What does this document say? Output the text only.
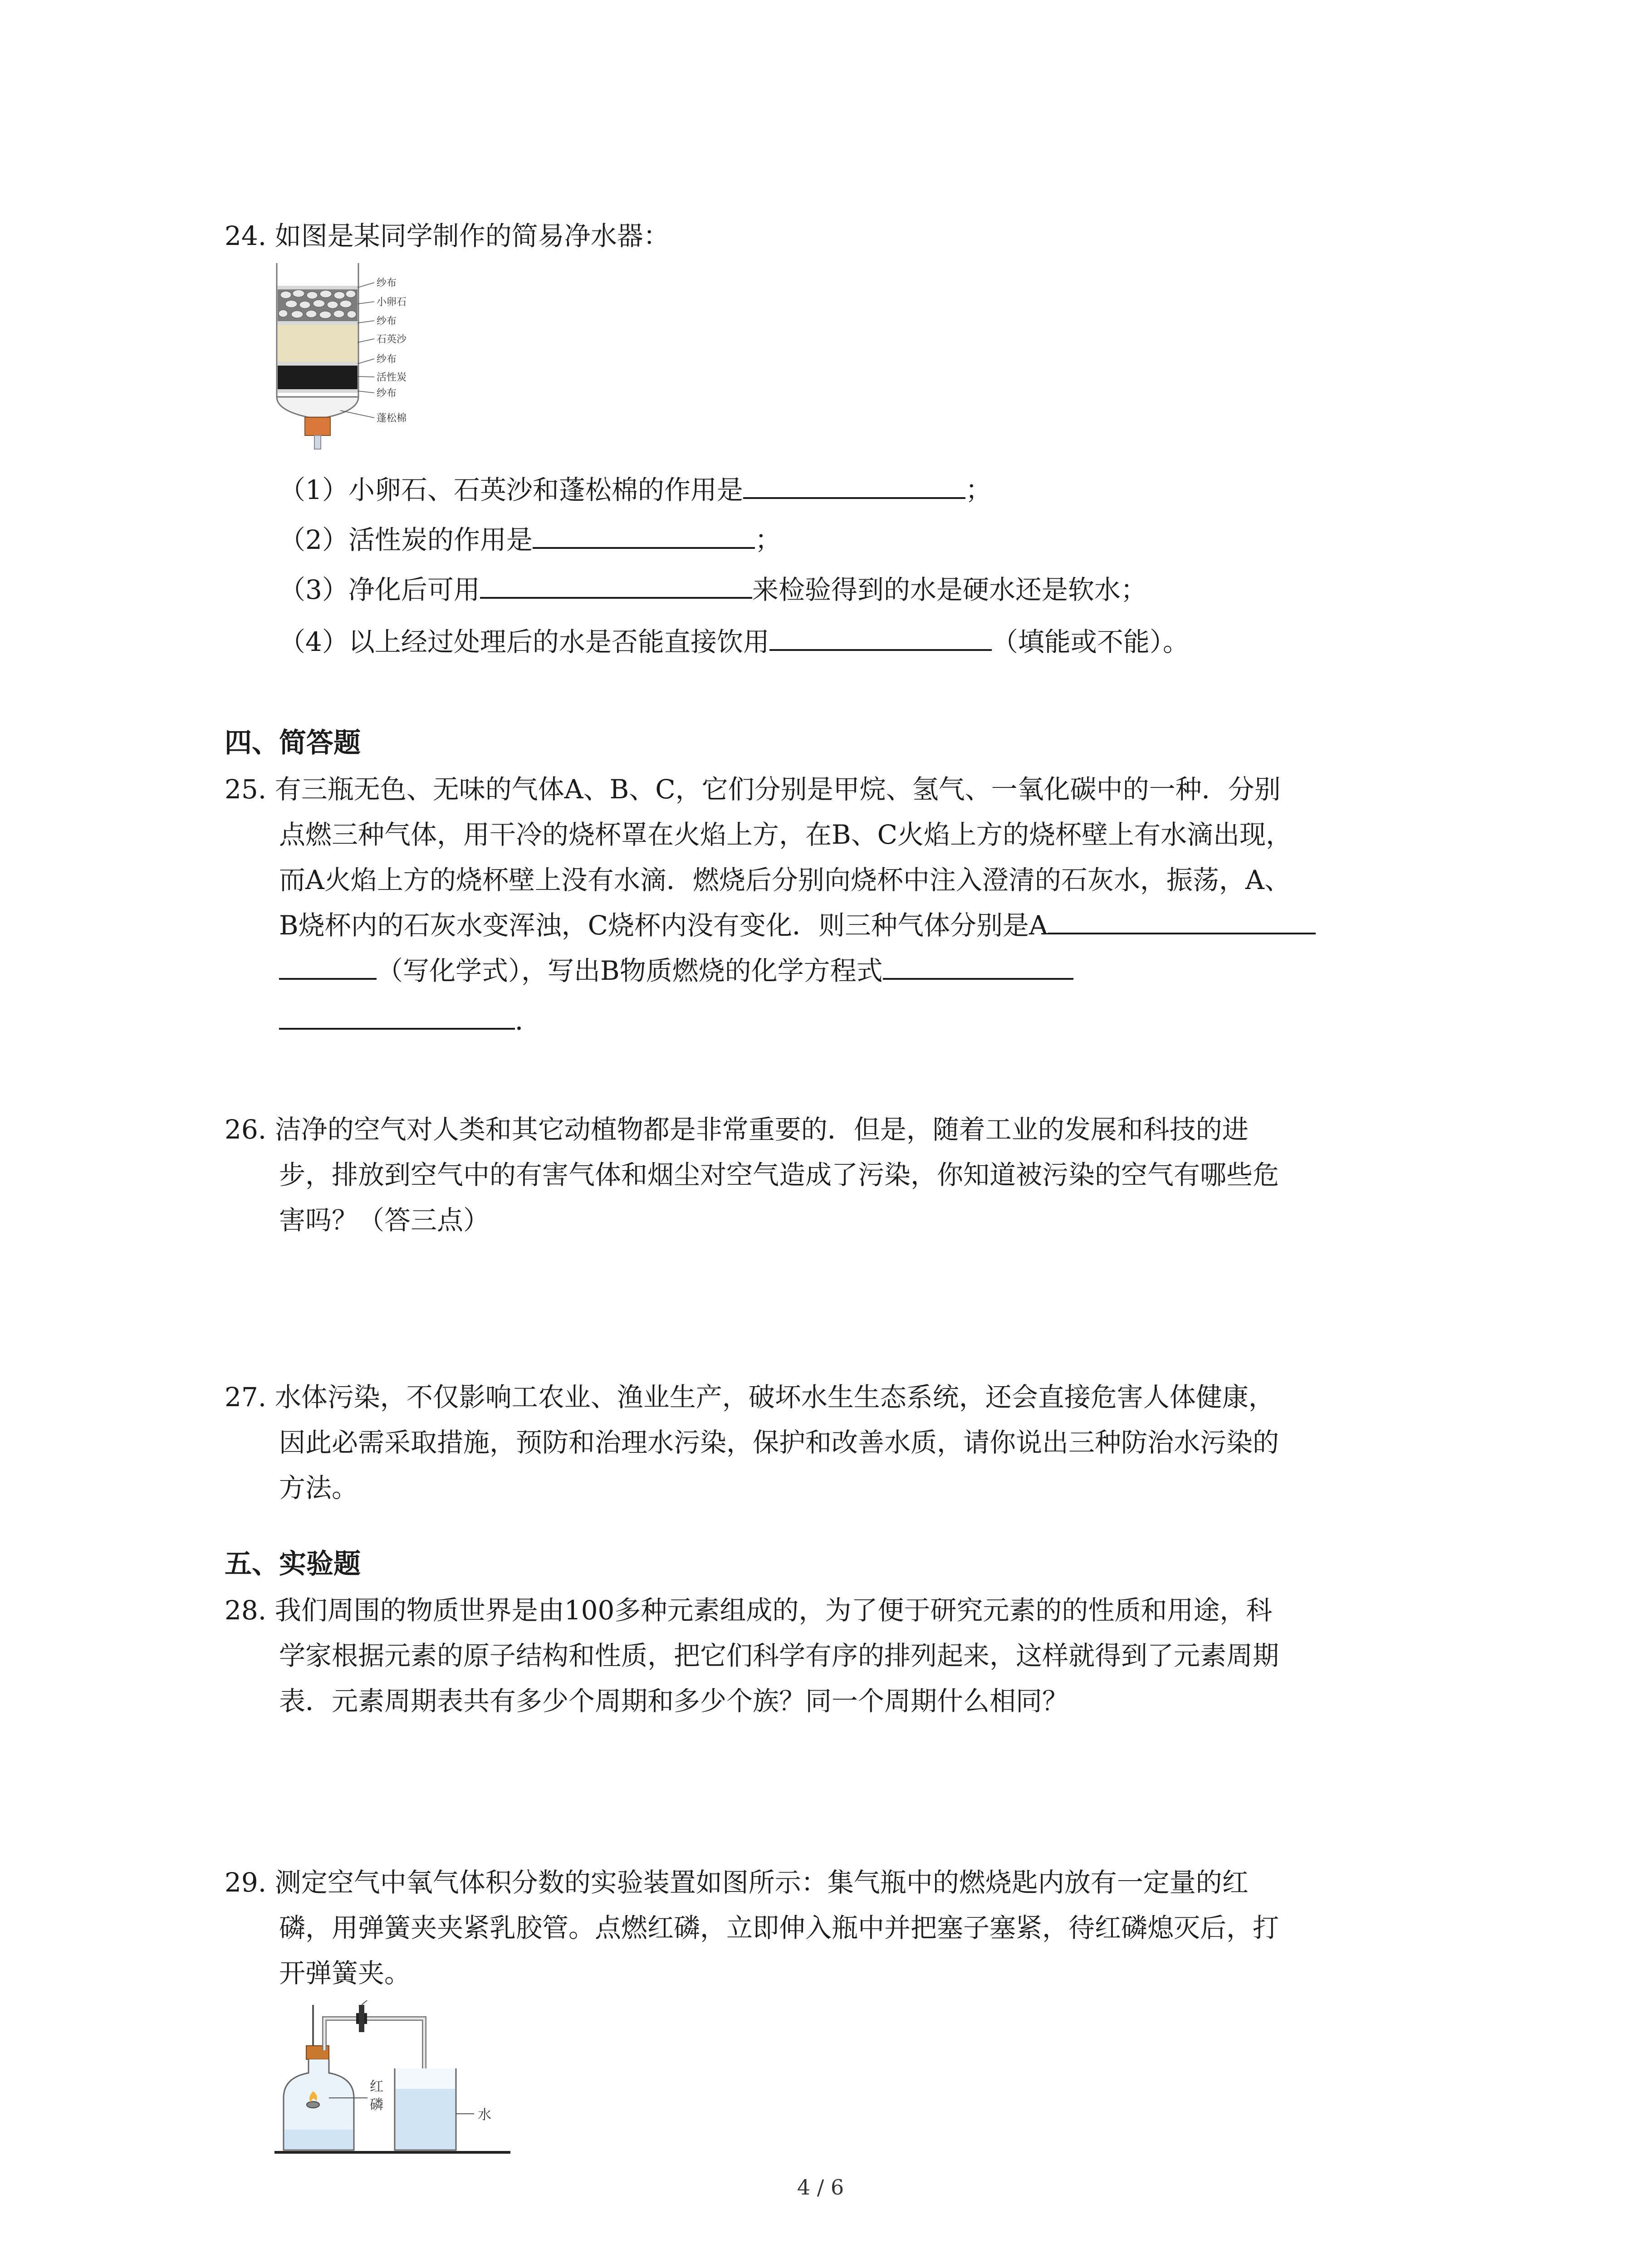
24. 如图是某同学制作的简易净水器：
纱布
小卵石
纱布
石英沙
纱布
活性炭
纱布
蓬松棉
（1）小卵石、石英沙和蓬松棉的作用是	；
（2）活性炭的作用是	；
（3）净化后可用	来检验得到的水是硬水还是软水；
（4）以上经过处理后的水是否能直接饮用	（填能或不能）。
四、简答题
25. 有三瓶无色、无味的气体A、B、C，它们分别是甲烷、氢气、一氧化碳中的一种．分别
点燃三种气体，用干冷的烧杯罩在火焰上方，在B、C火焰上方的烧杯壁上有水滴出现，
而A火焰上方的烧杯壁上没有水滴．燃烧后分别向烧杯中注入澄清的石灰水，振荡，A、
B烧杯内的石灰水变浑浊，C烧杯内没有变化．则三种气体分别是A
（写化学式），写出B物质燃烧的化学方程式
．
26. 洁净的空气对人类和其它动植物都是非常重要的．但是，随着工业的发展和科技的进
步，排放到空气中的有害气体和烟尘对空气造成了污染，你知道被污染的空气有哪些危
害吗？（答三点）
27. 水体污染，不仅影响工农业、渔业生产，破坏水生生态系统，还会直接危害人体健康，
因此必需采取措施，预防和治理水污染，保护和改善水质，请你说出三种防治水污染的
方法。
五、实验题
28. 我们周围的物质世界是由100多种元素组成的，为了便于研究元素的的性质和用途，科
学家根据元素的原子结构和性质，把它们科学有序的排列起来，这样就得到了元素周期
表．元素周期表共有多少个周期和多少个族？同一个周期什么相同？
29. 测定空气中氧气体积分数的实验装置如图所示：集气瓶中的燃烧匙内放有一定量的红
磷，用弹簧夹夹紧乳胶管。点燃红磷，立即伸入瓶中并把塞子塞紧，待红磷熄灭后，打
开弹簧夹。
水
红
磷
4 / 6
